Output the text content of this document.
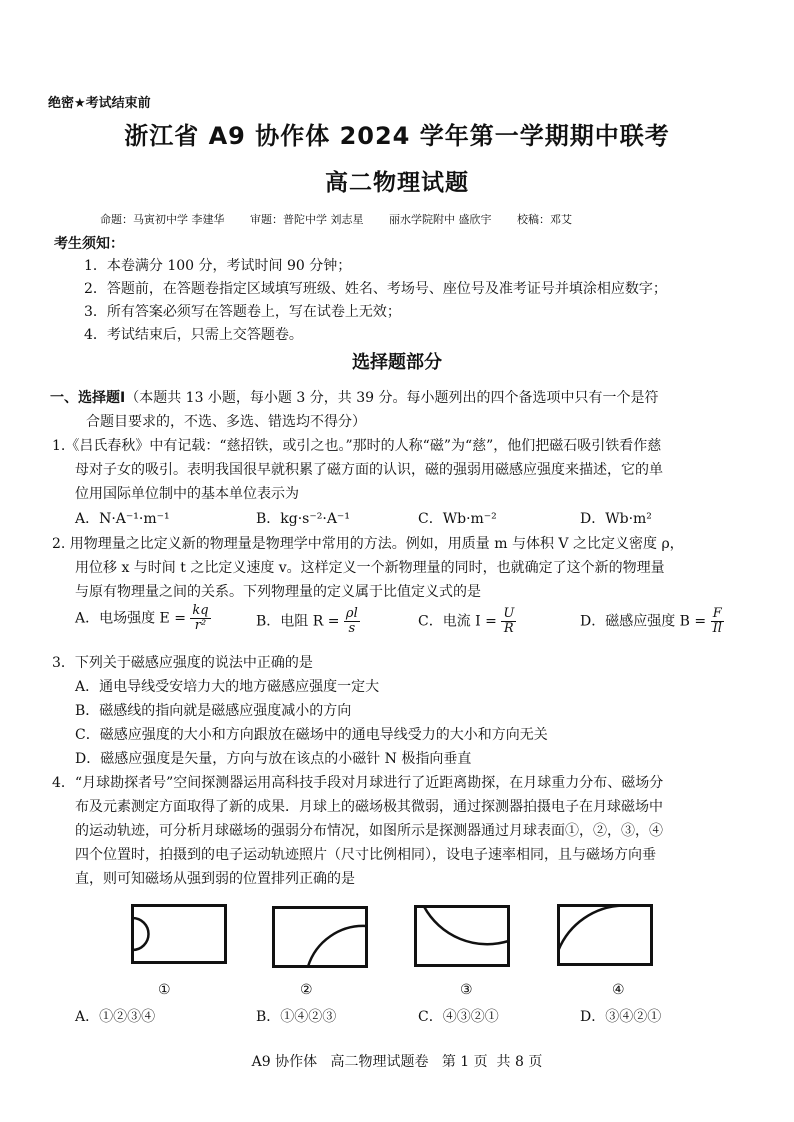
绝密★考试结束前
浙江省 A9 协作体 2024 学年第一学期期中联考
高二物理试题
命题：马寅初中学 李建华 审题：普陀中学 刘志星 丽水学院附中 盛欣宇 校稿：邓艾
考生须知：
1．本卷满分 100 分，考试时间 90 分钟；
2．答题前，在答题卷指定区域填写班级、姓名、考场号、座位号及准考证号并填涂相应数字；
3．所有答案必须写在答题卷上，写在试卷上无效；
4．考试结束后，只需上交答题卷。
选择题部分
一、选择题Ⅰ（本题共 13 小题，每小题 3 分，共 39 分。每小题列出的四个备选项中只有一个是符
合题目要求的，不选、多选、错选均不得分）
1.《吕氏春秋》中有记载：“慈招铁，或引之也。”那时的人称“磁”为“慈”，他们把磁石吸引铁看作慈
母对子女的吸引。表明我国很早就积累了磁方面的认识，磁的强弱用磁感应强度来描述，它的单
位用国际单位制中的基本单位表示为
A．N·A⁻¹·m⁻¹	B．kg·s⁻²·A⁻¹	C．Wb·m⁻²	D．Wb·m²
2. 用物理量之比定义新的物理量是物理学中常用的方法。例如，用质量 m 与体积 V 之比定义密度 ρ，
用位移 x 与时间 t 之比定义速度 v。这样定义一个新物理量的同时，也就确定了这个新的物理量
与原有物理量之间的关系。下列物理量的定义属于比值定义式的是
A．电场强度 $E = \frac{kq}{\text{r²}}$	B．电阻 $R = \frac{\rho l}{s}$	C．电流 $I = \frac{U}{R}$	D．磁感应强度 $B = \frac{F}{Il}$
3．下列关于磁感应强度的说法中正确的是
A．通电导线受安培力大的地方磁感应强度一定大
B．磁感线的指向就是磁感应强度减小的方向
C．磁感应强度的大小和方向跟放在磁场中的通电导线受力的大小和方向无关
D．磁感应强度是矢量，方向与放在该点的小磁针 N 极指向垂直
4．“月球勘探者号”空间探测器运用高科技手段对月球进行了近距离勘探，在月球重力分布、磁场分
布及元素测定方面取得了新的成果．月球上的磁场极其微弱，通过探测器拍摄电子在月球磁场中
的运动轨迹，可分析月球磁场的强弱分布情况，如图所示是探测器通过月球表面①，②，③，④
四个位置时，拍摄到的电子运动轨迹照片（尺寸比例相同），设电子速率相同，且与磁场方向垂
直，则可知磁场从强到弱的位置排列正确的是
①	②	③	④
A．①②③④	B．①④②③	C．④③②①	D．③④②①
A9 协作体   高二物理试题卷   第 1 页  共 8 页
